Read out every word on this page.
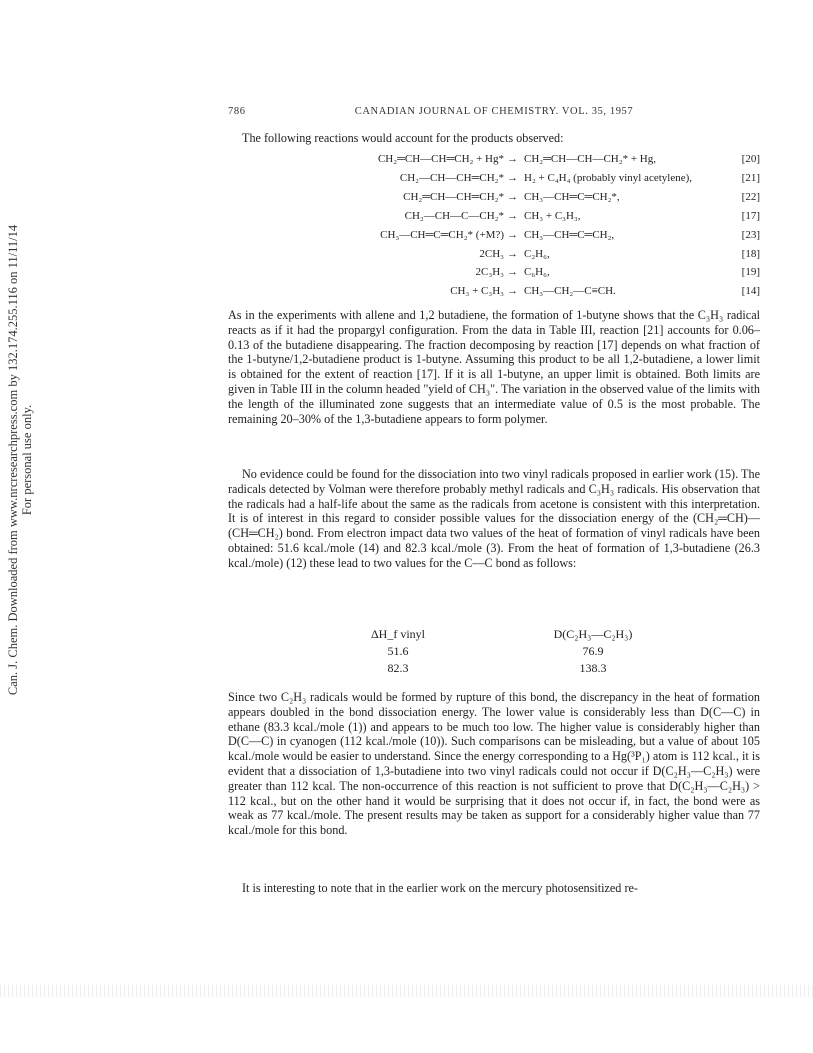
Can. J. Chem. Downloaded from www.nrcresearchpress.com by 132.174.255.116 on 11/11/14 For personal use only.
786	CANADIAN JOURNAL OF CHEMISTRY. VOL. 35, 1957
The following reactions would account for the products observed:
CH₂═CH—CH═CH₂ + Hg* → CH₂═CH—CH—CH₂* + Hg,	[20]
CH₂—CH—CH═CH₂* → H₂ + C₄H₄ (probably vinyl acetylene),	[21]
CH₂═CH—CH═CH₂* → CH₃—CH═C═CH₂*,	[22]
CH₂—CH—C—CH₂* → CH₃ + C₃H₃,	[17]
CH₃—CH═C═CH₂* (+M?) → CH₃—CH═C═CH₂,	[23]
2CH₃ → C₂H₆,	[18]
2C₃H₃ → C₆H₆,	[19]
CH₃ + C₃H₃ → CH₃—CH₂—C≡CH.	[14]
As in the experiments with allene and 1,2 butadiene, the formation of 1-butyne shows that the C₃H₃ radical reacts as if it had the propargyl configuration. From the data in Table III, reaction [21] accounts for 0.06–0.13 of the butadiene disappearing. The fraction decomposing by reaction [17] depends on what fraction of the 1-butyne/1,2-butadiene product is 1-butyne. Assuming this product to be all 1,2-butadiene, a lower limit is obtained for the extent of reaction [17]. If it is all 1-butyne, an upper limit is obtained. Both limits are given in Table III in the column headed "yield of CH₃". The variation in the observed value of the limits with the length of the illuminated zone suggests that an intermediate value of 0.5 is the most probable. The remaining 20–30% of the 1,3-butadiene appears to form polymer.
No evidence could be found for the dissociation into two vinyl radicals proposed in earlier work (15). The radicals detected by Volman were therefore probably methyl radicals and C₃H₃ radicals. His observation that the radicals had a half-life about the same as the radicals from acetone is consistent with this interpretation. It is of interest in this regard to consider possible values for the dissociation energy of the (CH₂═CH)—(CH═CH₂) bond. From electron impact data two values of the heat of formation of vinyl radicals have been obtained: 51.6 kcal./mole (14) and 82.3 kcal./mole (3). From the heat of formation of 1,3-butadiene (26.3 kcal./mole) (12) these lead to two values for the C—C bond as follows:
ΔH_f vinyl	D(C₂H₃—C₂H₃)
51.6	76.9
82.3	138.3
Since two C₂H₃ radicals would be formed by rupture of this bond, the discrepancy in the heat of formation appears doubled in the bond dissociation energy. The lower value is considerably less than D(C—C) in ethane (83.3 kcal./mole (1)) and appears to be much too low. The higher value is considerably higher than D(C—C) in cyanogen (112 kcal./mole (10)). Such comparisons can be misleading, but a value of about 105 kcal./mole would be easier to understand. Since the energy corresponding to a Hg(³P₁) atom is 112 kcal., it is evident that a dissociation of 1,3-butadiene into two vinyl radicals could not occur if D(C₂H₃—C₂H₃) were greater than 112 kcal. The non-occurrence of this reaction is not sufficient to prove that D(C₂H₃—C₂H₃) > 112 kcal., but on the other hand it would be surprising that it does not occur if, in fact, the bond were as weak as 77 kcal./mole. The present results may be taken as support for a considerably higher value than 77 kcal./mole for this bond.
It is interesting to note that in the earlier work on the mercury photosensitized re-
